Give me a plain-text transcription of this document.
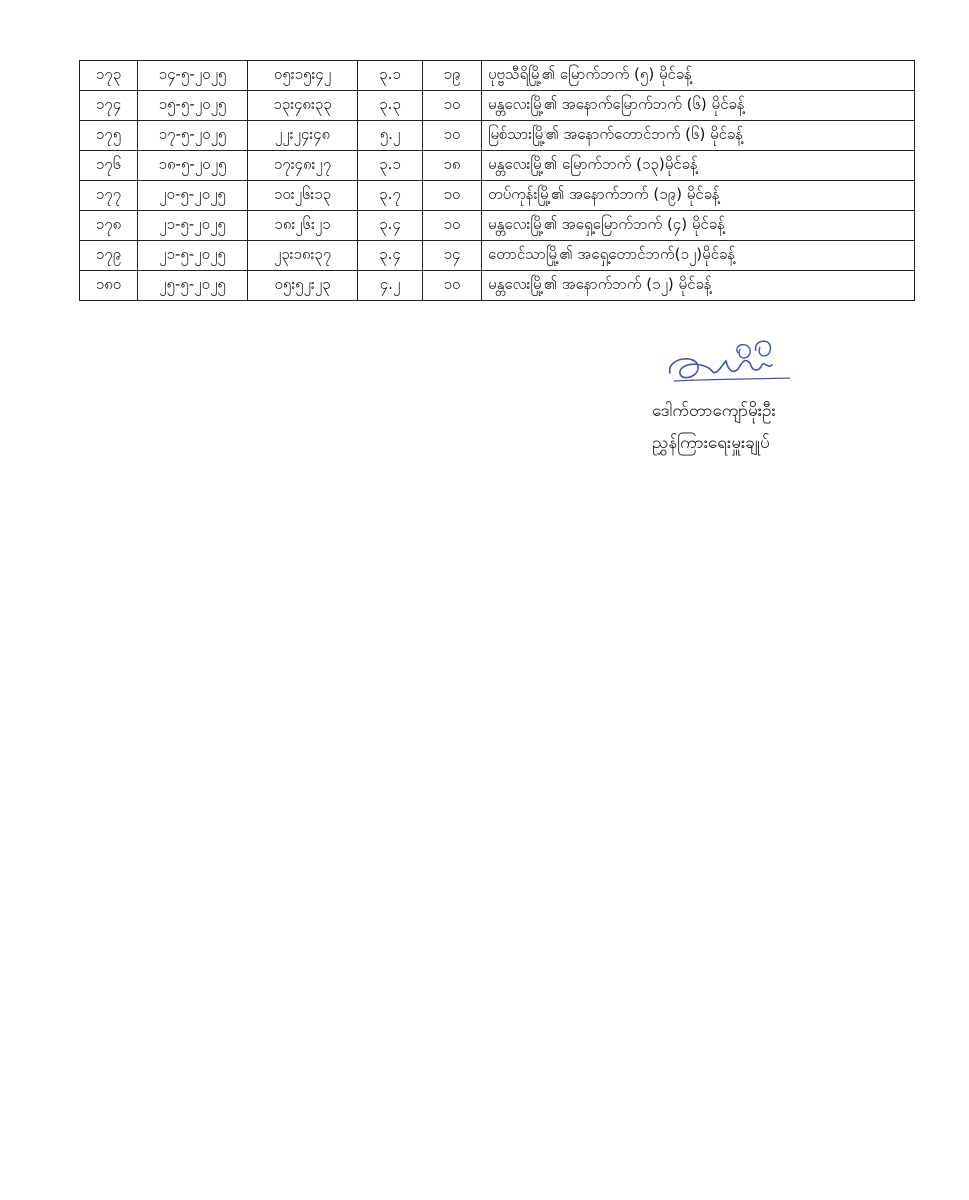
၁၇၃	၁၄-၅-၂၀၂၅	၀၅း၁၅း၄၂	၃.၁	၁၉	ပုဗ္ဗသီရိမြို့၏ မြောက်ဘက် (၅) မိုင်ခန့်
၁၇၄	၁၅-၅-၂၀၂၅	၁၃း၄၈း၃၃	၃.၃	၁၀	မန္တလေးမြို့၏ အနောက်မြောက်ဘက် (၆) မိုင်ခန့်
၁၇၅	၁၇-၅-၂၀၂၅	၂၂း၂၄း၄၈	၅.၂	၁၀	မြစ်သားမြို့၏ အနောက်တောင်ဘက် (၆) မိုင်ခန့်
၁၇၆	၁၈-၅-၂၀၂၅	၁၇း၄၈း၂၇	၃.၁	၁၈	မန္တလေးမြို့၏ မြောက်ဘက် (၁၃)မိုင်ခန့်
၁၇၇	၂၀-၅-၂၀၂၅	၁၀း၂၆း၁၃	၃.၇	၁၀	တပ်ကုန်းမြို့၏ အနောက်ဘက် (၁၉) မိုင်ခန့်
၁၇၈	၂၁-၅-၂၀၂၅	၁၈း၂၆း၂၁	၃.၄	၁၀	မန္တလေးမြို့၏ အရှေ့မြောက်ဘက် (၄) မိုင်ခန့်
၁၇၉	၂၁-၅-၂၀၂၅	၂၃း၁၈း၃၇	၃.၄	၁၄	တောင်သာမြို့၏ အရှေ့တောင်ဘက်(၁၂)မိုင်ခန့်
၁၈၀	၂၅-၅-၂၀၂၅	၀၅း၅၂း၂၃	၄.၂	၁၀	မန္တလေးမြို့၏ အနောက်ဘက် (၁၂) မိုင်ခန့်
ဒေါက်တာကျော်မိုးဦး
ညွှန်ကြားရေးမှူးချုပ်
